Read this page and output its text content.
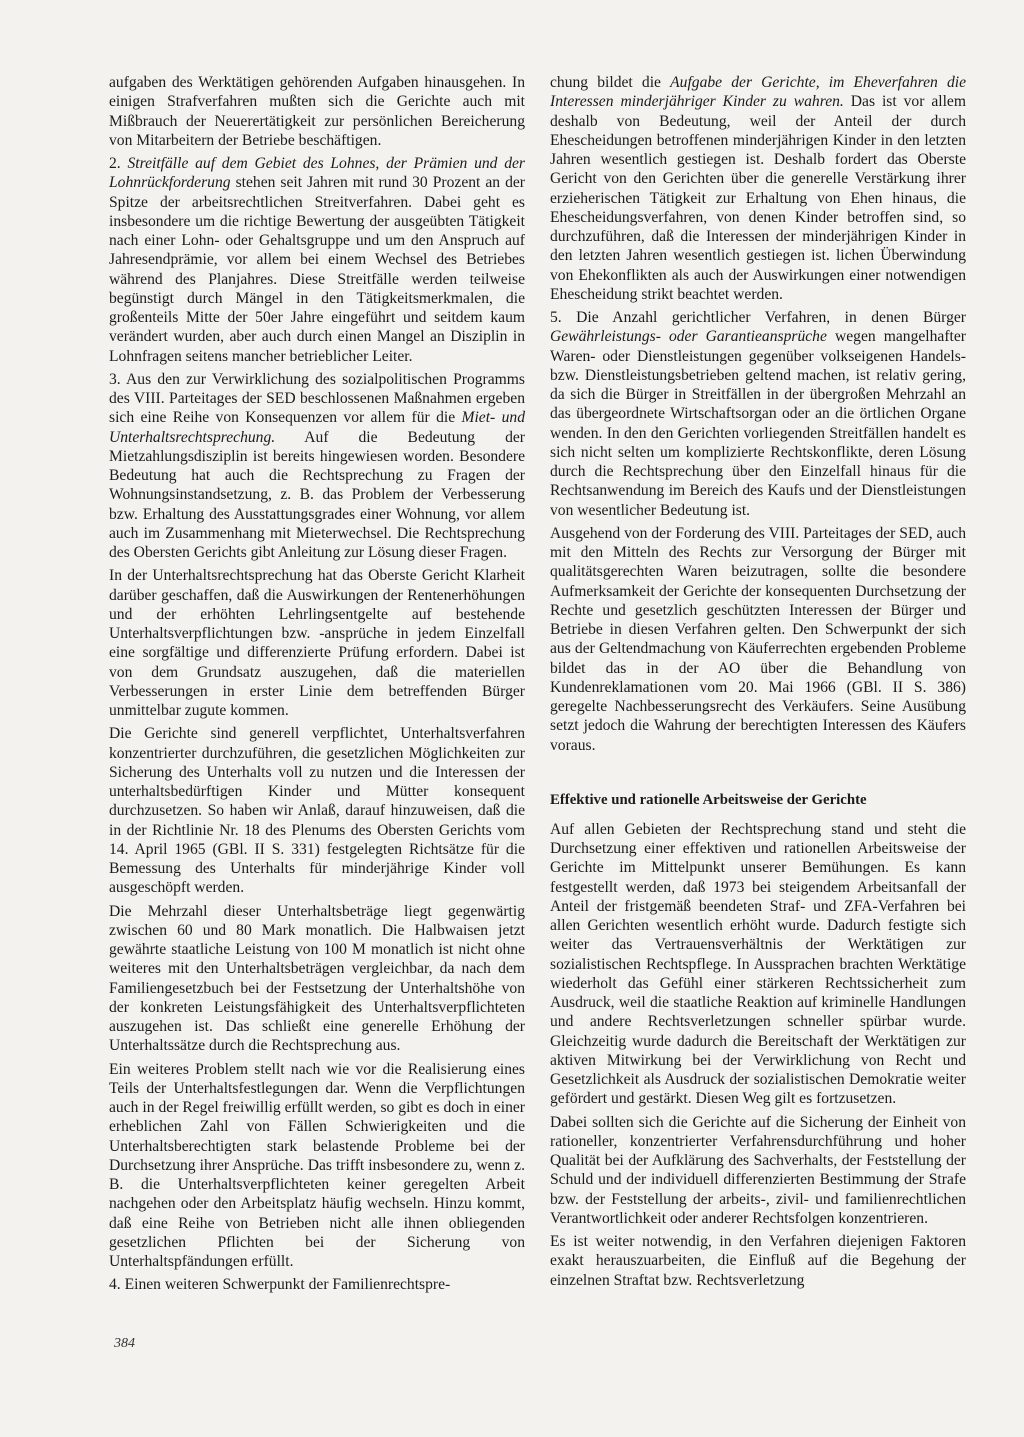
aufgaben des Werktätigen gehörenden Aufgaben hinausgehen. In einigen Strafverfahren mußten sich die Gerichte auch mit Mißbrauch der Neuerertätigkeit zur persönlichen Bereicherung von Mitarbeitern der Betriebe beschäftigen.

2. Streitfälle auf dem Gebiet des Lohnes, der Prämien und der Lohnrückforderung stehen seit Jahren mit rund 30 Prozent an der Spitze der arbeitsrechtlichen Streitverfahren. Dabei geht es insbesondere um die richtige Bewertung der ausgeübten Tätigkeit nach einer Lohn- oder Gehaltsgruppe und um den Anspruch auf Jahresendprämie, vor allem bei einem Wechsel des Betriebes während des Planjahres. Diese Streitfälle werden teilweise begünstigt durch Mängel in den Tätigkeitsmerkmalen, die großenteils Mitte der 50er Jahre eingeführt und seitdem kaum verändert wurden, aber auch durch einen Mangel an Disziplin in Lohnfragen seitens mancher betrieblicher Leiter.

3. Aus den zur Verwirklichung des sozialpolitischen Programms des VIII. Parteitages der SED beschlossenen Maßnahmen ergeben sich eine Reihe von Konsequenzen vor allem für die Miet- und Unterhaltsrechtsprechung. Auf die Bedeutung der Mietzahlungsdisziplin ist bereits hingewiesen worden. Besondere Bedeutung hat auch die Rechtsprechung zu Fragen der Wohnungsinstandsetzung, z. B. das Problem der Verbesserung bzw. Erhaltung des Ausstattungsgrades einer Wohnung, vor allem auch im Zusammenhang mit Mieterwechsel. Die Rechtsprechung des Obersten Gerichts gibt Anleitung zur Lösung dieser Fragen.

In der Unterhaltsrechtsprechung hat das Oberste Gericht Klarheit darüber geschaffen, daß die Auswirkungen der Rentenerhöhungen und der erhöhten Lehrlingsentgelte auf bestehende Unterhaltsverpflichtungen bzw. -ansprüche in jedem Einzelfall eine sorgfältige und differenzierte Prüfung erfordern. Dabei ist von dem Grundsatz auszugehen, daß die materiellen Verbesserungen in erster Linie dem betreffenden Bürger unmittelbar zugute kommen.

Die Gerichte sind generell verpflichtet, Unterhaltsverfahren konzentrierter durchzuführen, die gesetzlichen Möglichkeiten zur Sicherung des Unterhalts voll zu nutzen und die Interessen der unterhaltsbedürftigen Kinder und Mütter konsequent durchzusetzen. So haben wir Anlaß, darauf hinzuweisen, daß die in der Richtlinie Nr. 18 des Plenums des Obersten Gerichts vom 14. April 1965 (GBl. II S. 331) festgelegten Richtsätze für die Bemessung des Unterhalts für minderjährige Kinder voll ausgeschöpft werden.

Die Mehrzahl dieser Unterhaltsbeträge liegt gegenwärtig zwischen 60 und 80 Mark monatlich. Die Halbwaisen jetzt gewährte staatliche Leistung von 100 M monatlich ist nicht ohne weiteres mit den Unterhaltsbeträgen vergleichbar, da nach dem Familiengesetzbuch bei der Festsetzung der Unterhaltshöhe von der konkreten Leistungsfähigkeit des Unterhaltsverpflichteten auszugehen ist. Das schließt eine generelle Erhöhung der Unterhaltssätze durch die Rechtsprechung aus.

Ein weiteres Problem stellt nach wie vor die Realisierung eines Teils der Unterhaltsfestlegungen dar. Wenn die Verpflichtungen auch in der Regel freiwillig erfüllt werden, so gibt es doch in einer erheblichen Zahl von Fällen Schwierigkeiten und die Unterhaltsberechtigten stark belastende Probleme bei der Durchsetzung ihrer Ansprüche. Das trifft insbesondere zu, wenn z. B. die Unterhaltsverpflichteten keiner geregelten Arbeit nachgehen oder den Arbeitsplatz häufig wechseln. Hinzu kommt, daß eine Reihe von Betrieben nicht alle ihnen obliegenden gesetzlichen Pflichten bei der Sicherung von Unterhaltspfändungen erfüllt.

4. Einen weiteren Schwerpunkt der Familienrechtspre-

chung bildet die Aufgabe der Gerichte, im Eheverfahren die Interessen minderjähriger Kinder zu wahren. Das ist vor allem deshalb von Bedeutung, weil der Anteil der durch Ehescheidungen betroffenen minderjährigen Kinder in den letzten Jahren wesentlich gestiegen ist. Deshalb fordert das Oberste Gericht von den Gerichten über die generelle Verstärkung ihrer erzieherischen Tätigkeit zur Erhaltung von Ehen hinaus, die Ehescheidungsverfahren, von denen Kinder betroffen sind, so durchzuführen, daß die Interessen der minderjährigen Kinder in den letzten Jahren wesentlich gestiegen ist. lichen Überwindung von Ehekonflikten als auch der Auswirkungen einer notwendigen Ehescheidung strikt beachtet werden.

5. Die Anzahl gerichtlicher Verfahren, in denen Bürger Gewährleistungs- oder Garantieansprüche wegen mangelhafter Waren- oder Dienstleistungen gegenüber volkseigenen Handels- bzw. Dienstleistungsbetrieben geltend machen, ist relativ gering, da sich die Bürger in Streitfällen in der übergroßen Mehrzahl an das übergeordnete Wirtschaftsorgan oder an die örtlichen Organe wenden. In den den Gerichten vorliegenden Streitfällen handelt es sich nicht selten um komplizierte Rechtskonflikte, deren Lösung durch die Rechtsprechung über den Einzelfall hinaus für die Rechtsanwendung im Bereich des Kaufs und der Dienstleistungen von wesentlicher Bedeutung ist.

Ausgehend von der Forderung des VIII. Parteitages der SED, auch mit den Mitteln des Rechts zur Versorgung der Bürger mit qualitätsgerechten Waren beizutragen, sollte die besondere Aufmerksamkeit der Gerichte der konsequenten Durchsetzung der Rechte und gesetzlich geschützten Interessen der Bürger und Betriebe in diesen Verfahren gelten. Den Schwerpunkt der sich aus der Geltendmachung von Käuferrechten ergebenden Probleme bildet das in der AO über die Behandlung von Kundenreklamationen vom 20. Mai 1966 (GBl. II S. 386) geregelte Nachbesserungsrecht des Verkäufers. Seine Ausübung setzt jedoch die Wahrung der berechtigten Interessen des Käufers voraus.

Effektive und rationelle Arbeitsweise der Gerichte

Auf allen Gebieten der Rechtsprechung stand und steht die Durchsetzung einer effektiven und rationellen Arbeitsweise der Gerichte im Mittelpunkt unserer Bemühungen. Es kann festgestellt werden, daß 1973 bei steigendem Arbeitsanfall der Anteil der fristgemäß beendeten Straf- und ZFA-Verfahren bei allen Gerichten wesentlich erhöht wurde. Dadurch festigte sich weiter das Vertrauensverhältnis der Werktätigen zur sozialistischen Rechtspflege. In Aussprachen brachten Werktätige wiederholt das Gefühl einer stärkeren Rechtssicherheit zum Ausdruck, weil die staatliche Reaktion auf kriminelle Handlungen und andere Rechtsverletzungen schneller spürbar wurde. Gleichzeitig wurde dadurch die Bereitschaft der Werktätigen zur aktiven Mitwirkung bei der Verwirklichung von Recht und Gesetzlichkeit als Ausdruck der sozialistischen Demokratie weiter gefördert und gestärkt. Diesen Weg gilt es fortzusetzen.

Dabei sollten sich die Gerichte auf die Sicherung der Einheit von rationeller, konzentrierter Verfahrensdurchführung und hoher Qualität bei der Aufklärung des Sachverhalts, der Feststellung der Schuld und der individuell differenzierten Bestimmung der Strafe bzw. der Feststellung der arbeits-, zivil- und familienrechtlichen Verantwortlichkeit oder anderer Rechtsfolgen konzentrieren.

Es ist weiter notwendig, in den Verfahren diejenigen Faktoren exakt herauszuarbeiten, die Einfluß auf die Begehung der einzelnen Straftat bzw. Rechtsverletzung

384
